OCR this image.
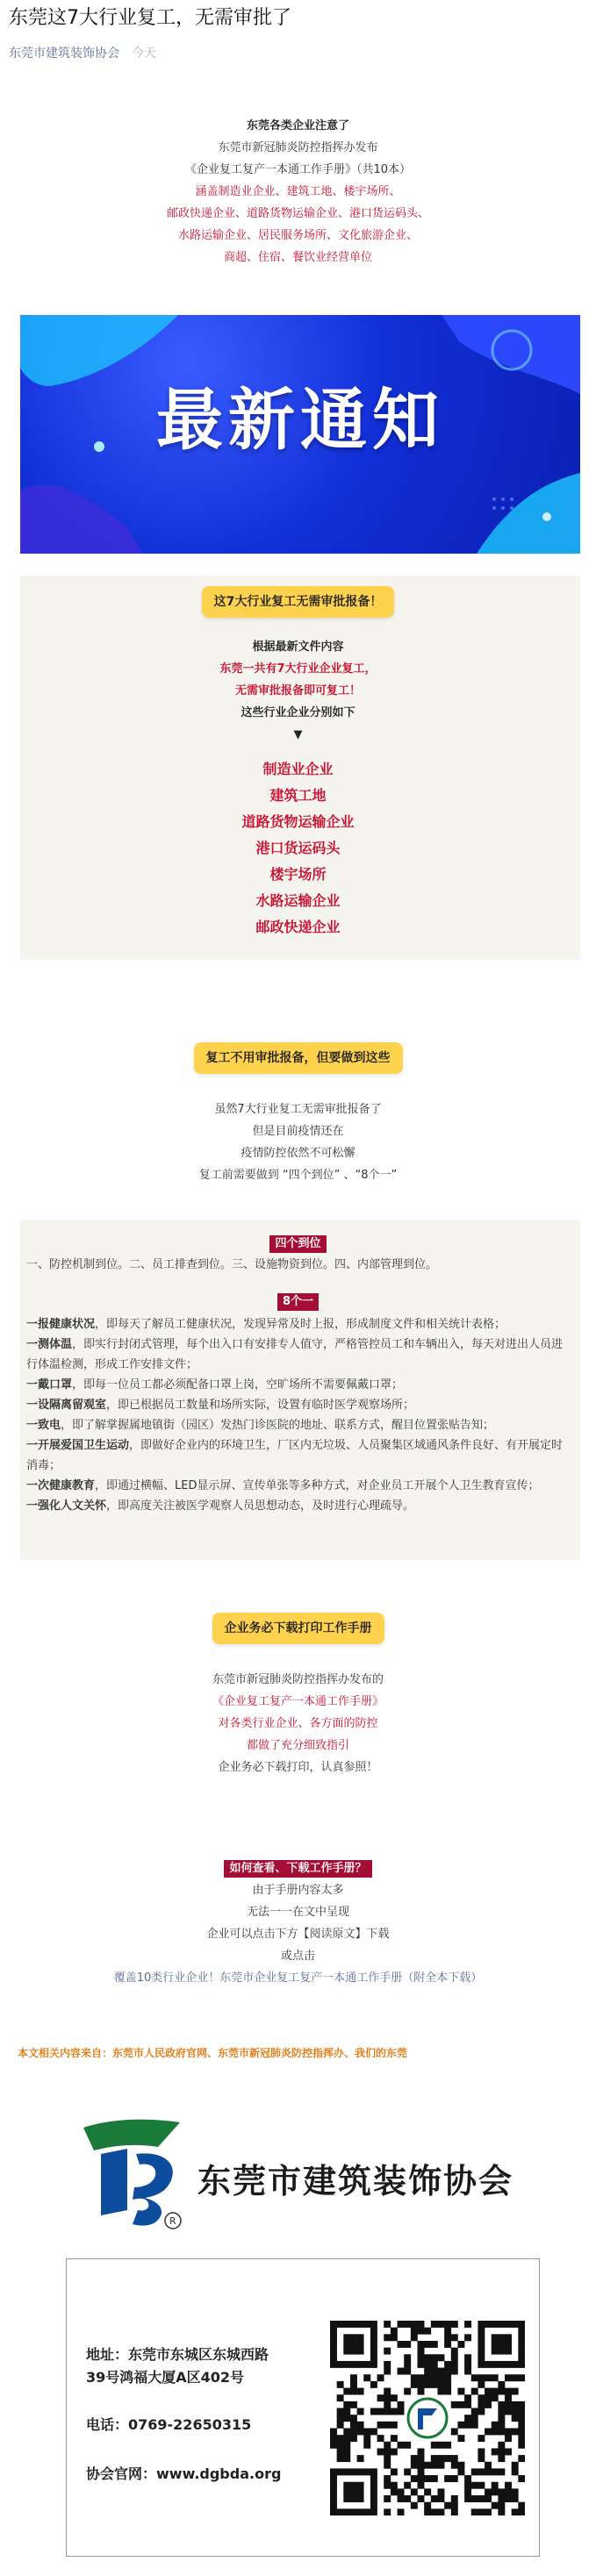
东莞这7大行业复工，无需审批了
东莞市建筑装饰协会 今天
东莞各类企业注意了
东莞市新冠肺炎防控指挥办发布
《企业复工复产一本通工作手册》（共10本）
涵盖制造业企业、建筑工地、楼宇场所、
邮政快递企业、道路货物运输企业、港口货运码头、
水路运输企业、居民服务场所、文化旅游企业、
商超、住宿、餐饮业经营单位
最新通知
这7大行业复工无需审批报备！
根据最新文件内容
东莞一共有7大行业企业复工，
无需审批报备即可复工！
这些行业企业分别如下
▼
制造业企业
建筑工地
道路货物运输企业
港口货运码头
楼宇场所
水路运输企业
邮政快递企业
复工不用审批报备，但要做到这些
虽然7大行业复工无需审批报备了
但是目前疫情还在
疫情防控依然不可松懈
复工前需要做到 “四个到位” 、“8个一”
四个到位
一、防控机制到位。二、员工排查到位。三、设施物资到位。四、内部管理到位。
8个一
一报健康状况，即每天了解员工健康状况，发现异常及时上报，形成制度文件和相关统计表格；
一测体温，即实行封闭式管理，每个出入口有安排专人值守，严格管控员工和车辆出入，每天对进出人员进行体温检测，形成工作安排文件；
一戴口罩，即每一位员工都必须配备口罩上岗，空旷场所不需要佩戴口罩；
一设隔离留观室，即已根据员工数量和场所实际，设置有临时医学观察场所；
一致电，即了解掌握属地镇街（园区）发热门诊医院的地址、联系方式，醒目位置张贴告知；
一开展爱国卫生运动，即做好企业内的环境卫生，厂区内无垃圾、人员聚集区域通风条件良好、有开展定时消毒；
一次健康教育，即通过横幅、LED显示屏、宣传单张等多种方式，对企业员工开展个人卫生教育宣传；
一强化人文关怀，即高度关注被医学观察人员思想动态，及时进行心理疏导。
企业务必下载打印工作手册
东莞市新冠肺炎防控指挥办发布的
《企业复工复产一本通工作手册》
对各类行业企业、各方面的防控
都做了充分细致指引
企业务必下载打印，认真参照！
如何查看、下载工作手册？
由于手册内容太多
无法一一在文中呈现
企业可以点击下方【阅读原文】下载
或点击
覆盖10类行业企业！东莞市企业复工复产一本通工作手册（附全本下载）
本文相关内容来自：东莞市人民政府官网、东莞市新冠肺炎防控指挥办、我们的东莞
R
东莞市建筑装饰协会
地址：东莞市东城区东城西路
39号鸿福大厦A区402号
电话：0769-22650315
协会官网：www.dgbda.org
